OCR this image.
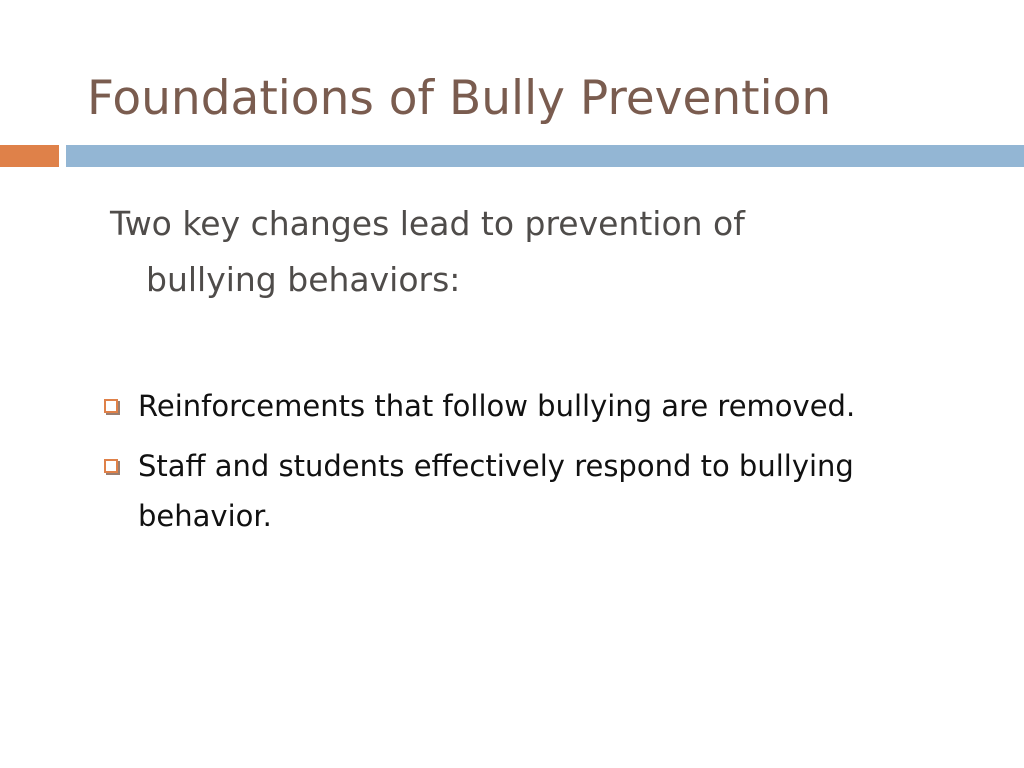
Foundations of Bully Prevention

Two key changes lead to prevention of
bullying behaviors:

Reinforcements that follow bullying are removed.
Staff and students effectively respond to bullying behavior.
